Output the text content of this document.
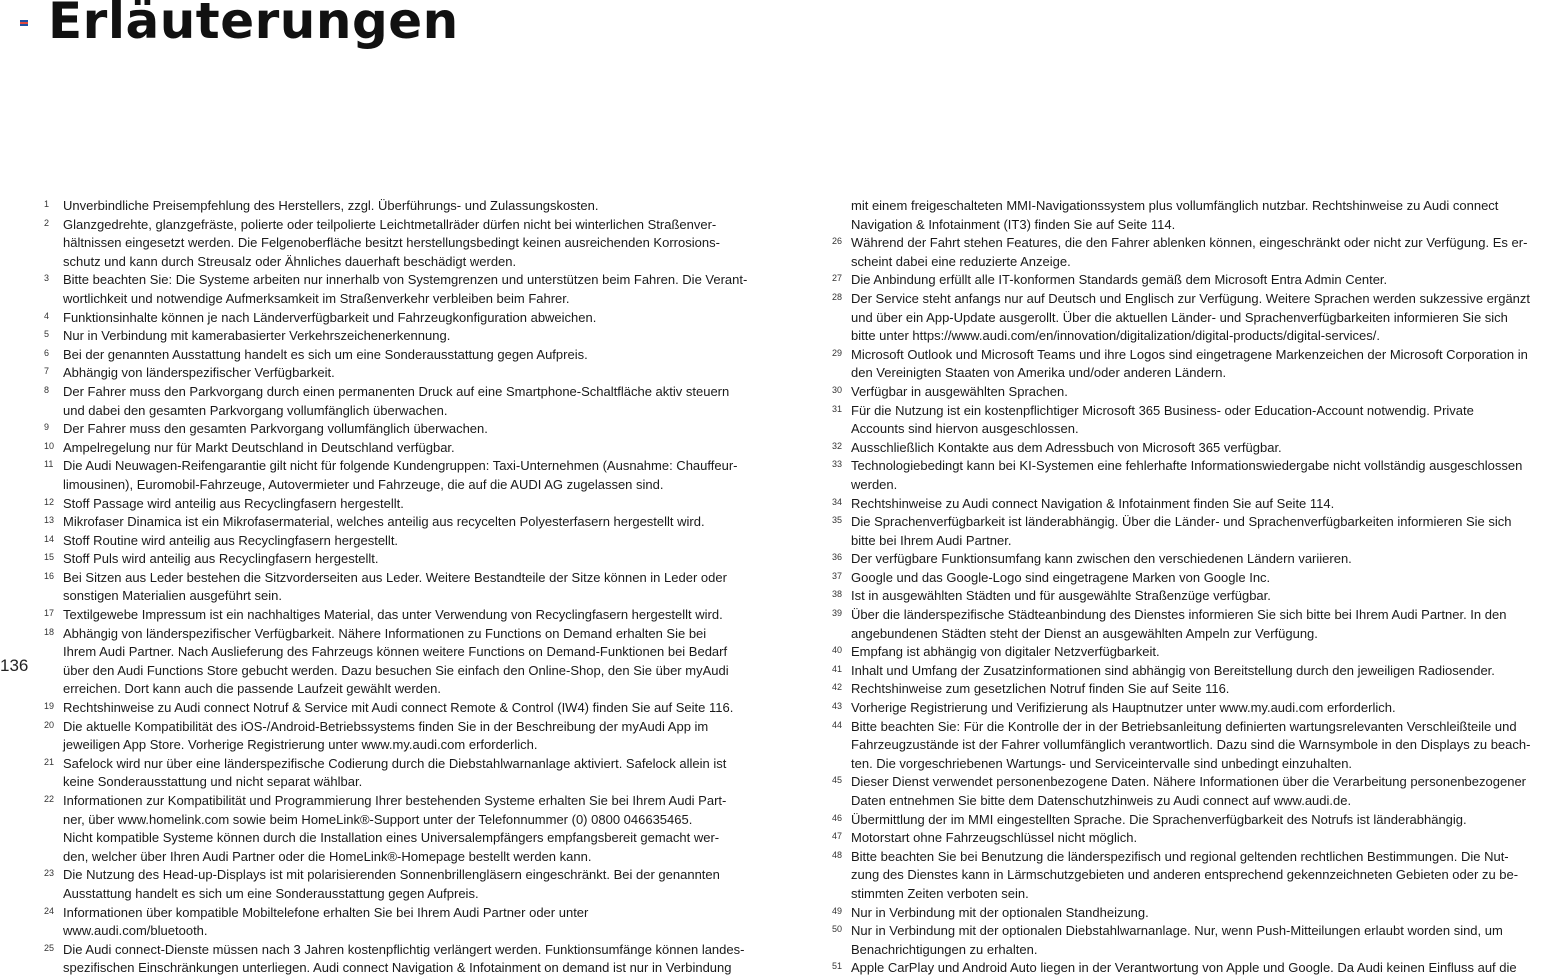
Erläuterungen
136
1	Unverbindliche Preisempfehlung des Herstellers, zzgl. Überführungs- und Zulassungskosten.
2	Glanzgedrehte, glanzgefräste, polierte oder teilpolierte Leichtmetallräder dürfen nicht bei winterlichen Straßenver-
hältnissen eingesetzt werden. Die Felgenoberfläche besitzt herstellungsbedingt keinen ausreichenden Korrosions-
schutz und kann durch Streusalz oder Ähnliches dauerhaft beschädigt werden.
3	Bitte beachten Sie: Die Systeme arbeiten nur innerhalb von Systemgrenzen und unterstützen beim Fahren. Die Verant-
wortlichkeit und notwendige Aufmerksamkeit im Straßenverkehr verbleiben beim Fahrer.
4	Funktionsinhalte können je nach Länderverfügbarkeit und Fahrzeugkonfiguration abweichen.
5	Nur in Verbindung mit kamerabasierter Verkehrszeichenerkennung.
6	Bei der genannten Ausstattung handelt es sich um eine Sonderausstattung gegen Aufpreis.
7	Abhängig von länderspezifischer Verfügbarkeit.
8	Der Fahrer muss den Parkvorgang durch einen permanenten Druck auf eine Smartphone-Schaltfläche aktiv steuern
und dabei den gesamten Parkvorgang vollumfänglich überwachen.
9	Der Fahrer muss den gesamten Parkvorgang vollumfänglich überwachen.
10 Ampelregelung nur für Markt Deutschland in Deutschland verfügbar.
11 Die Audi Neuwagen-Reifengarantie gilt nicht für folgende Kundengruppen: Taxi-Unternehmen (Ausnahme: Chauffeur-
limousinen), Euromobil-Fahrzeuge, Autovermieter und Fahrzeuge, die auf die AUDI AG zugelassen sind.
12 Stoff Passage wird anteilig aus Recyclingfasern hergestellt.
13 Mikrofaser Dinamica ist ein Mikrofasermaterial, welches anteilig aus recycelten Polyesterfasern hergestellt wird.
14 Stoff Routine wird anteilig aus Recyclingfasern hergestellt.
15 Stoff Puls wird anteilig aus Recyclingfasern hergestellt.
16 Bei Sitzen aus Leder bestehen die Sitzvorderseiten aus Leder. Weitere Bestandteile der Sitze können in Leder oder
sonstigen Materialien ausgeführt sein.
17 Textilgewebe Impressum ist ein nachhaltiges Material, das unter Verwendung von Recyclingfasern hergestellt wird.
18 Abhängig von länderspezifischer Verfügbarkeit. Nähere Informationen zu Functions on Demand erhalten Sie bei
Ihrem Audi Partner. Nach Auslieferung des Fahrzeugs können weitere Functions on Demand-Funktionen bei Bedarf
über den Audi Functions Store gebucht werden. Dazu besuchen Sie einfach den Online-Shop, den Sie über myAudi
erreichen. Dort kann auch die passende Laufzeit gewählt werden.
19 Rechtshinweise zu Audi connect Notruf & Service mit Audi connect Remote & Control (IW4) finden Sie auf Seite 116.
20 Die aktuelle Kompatibilität des iOS-/Android-Betriebssystems finden Sie in der Beschreibung der myAudi App im
jeweiligen App Store. Vorherige Registrierung unter www.my.audi.com erforderlich.
21 Safelock wird nur über eine länderspezifische Codierung durch die Diebstahlwarnanlage aktiviert. Safelock allein ist
keine Sonderausstattung und nicht separat wählbar.
22 Informationen zur Kompatibilität und Programmierung Ihrer bestehenden Systeme erhalten Sie bei Ihrem Audi Part-
ner, über www.homelink.com sowie beim HomeLink®-Support unter der Telefonnummer (0) 0800 046635465.
Nicht kompatible Systeme können durch die Installation eines Universalempfängers empfangsbereit gemacht wer-
den, welcher über Ihren Audi Partner oder die HomeLink®-Homepage bestellt werden kann.
23 Die Nutzung des Head-up-Displays ist mit polarisierenden Sonnenbrillengläsern eingeschränkt. Bei der genannten
Ausstattung handelt es sich um eine Sonderausstattung gegen Aufpreis.
24 Informationen über kompatible Mobiltelefone erhalten Sie bei Ihrem Audi Partner oder unter
www.audi.com/bluetooth.
25 Die Audi connect-Dienste müssen nach 3 Jahren kostenpflichtig verlängert werden. Funktionsumfänge können landes-
spezifischen Einschränkungen unterliegen. Audi connect Navigation & Infotainment on demand ist nur in Verbindung
mit einem freigeschalteten MMI-Navigationssystem plus vollumfänglich nutzbar. Rechtshinweise zu Audi connect
Navigation & Infotainment (IT3) finden Sie auf Seite 114.
26 Während der Fahrt stehen Features, die den Fahrer ablenken können, eingeschränkt oder nicht zur Verfügung. Es er-
scheint dabei eine reduzierte Anzeige.
27 Die Anbindung erfüllt alle IT-konformen Standards gemäß dem Microsoft Entra Admin Center.
28 Der Service steht anfangs nur auf Deutsch und Englisch zur Verfügung. Weitere Sprachen werden sukzessive ergänzt
und über ein App-Update ausgerollt. Über die aktuellen Länder- und Sprachenverfügbarkeiten informieren Sie sich
bitte unter https://www.audi.com/en/innovation/digitalization/digital-products/digital-services/.
29 Microsoft Outlook und Microsoft Teams und ihre Logos sind eingetragene Markenzeichen der Microsoft Corporation in
den Vereinigten Staaten von Amerika und/oder anderen Ländern.
30 Verfügbar in ausgewählten Sprachen.
31 Für die Nutzung ist ein kostenpflichtiger Microsoft 365 Business- oder Education-Account notwendig. Private
Accounts sind hiervon ausgeschlossen.
32 Ausschließlich Kontakte aus dem Adressbuch von Microsoft 365 verfügbar.
33 Technologiebedingt kann bei KI-Systemen eine fehlerhafte Informationswiedergabe nicht vollständig ausgeschlossen
werden.
34 Rechtshinweise zu Audi connect Navigation & Infotainment finden Sie auf Seite 114.
35 Die Sprachenverfügbarkeit ist länderabhängig. Über die Länder- und Sprachenverfügbarkeiten informieren Sie sich
bitte bei Ihrem Audi Partner.
36 Der verfügbare Funktionsumfang kann zwischen den verschiedenen Ländern variieren.
37 Google und das Google-Logo sind eingetragene Marken von Google Inc.
38 Ist in ausgewählten Städten und für ausgewählte Straßenzüge verfügbar.
39 Über die länderspezifische Städteanbindung des Dienstes informieren Sie sich bitte bei Ihrem Audi Partner. In den
angebundenen Städten steht der Dienst an ausgewählten Ampeln zur Verfügung.
40 Empfang ist abhängig von digitaler Netzverfügbarkeit.
41 Inhalt und Umfang der Zusatzinformationen sind abhängig von Bereitstellung durch den jeweiligen Radiosender.
42 Rechtshinweise zum gesetzlichen Notruf finden Sie auf Seite 116.
43 Vorherige Registrierung und Verifizierung als Hauptnutzer unter www.my.audi.com erforderlich.
44 Bitte beachten Sie: Für die Kontrolle der in der Betriebsanleitung definierten wartungsrelevanten Verschleißteile und
Fahrzeugzustände ist der Fahrer vollumfänglich verantwortlich. Dazu sind die Warnsymbole in den Displays zu beach-
ten. Die vorgeschriebenen Wartungs- und Serviceintervalle sind unbedingt einzuhalten.
45 Dieser Dienst verwendet personenbezogene Daten. Nähere Informationen über die Verarbeitung personenbezogener
Daten entnehmen Sie bitte dem Datenschutzhinweis zu Audi connect auf www.audi.de.
46 Übermittlung der im MMI eingestellten Sprache. Die Sprachenverfügbarkeit des Notrufs ist länderabhängig.
47 Motorstart ohne Fahrzeugschlüssel nicht möglich.
48 Bitte beachten Sie bei Benutzung die länderspezifisch und regional geltenden rechtlichen Bestimmungen. Die Nut-
zung des Dienstes kann in Lärmschutzgebieten und anderen entsprechend gekennzeichneten Gebieten oder zu be-
stimmten Zeiten verboten sein.
49 Nur in Verbindung mit der optionalen Standheizung.
50 Nur in Verbindung mit der optionalen Diebstahlwarnanlage. Nur, wenn Push-Mitteilungen erlaubt worden sind, um
Benachrichtigungen zu erhalten.
51 Apple CarPlay und Android Auto liegen in der Verantwortung von Apple und Google. Da Audi keinen Einfluss auf die
